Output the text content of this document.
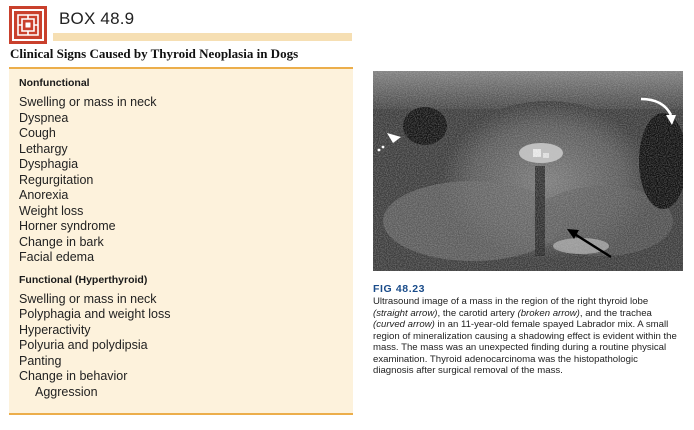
BOX 48.9
Clinical Signs Caused by Thyroid Neoplasia in Dogs
Nonfunctional
Swelling or mass in neck
Dyspnea
Cough
Lethargy
Dysphagia
Regurgitation
Anorexia
Weight loss
Horner syndrome
Change in bark
Facial edema
Functional (Hyperthyroid)
Swelling or mass in neck
Polyphagia and weight loss
Hyperactivity
Polyuria and polydipsia
Panting
Change in behavior
Aggression
FIG 48.23
Ultrasound image of a mass in the region of the right thyroid lobe (straight arrow), the carotid artery (broken arrow), and the trachea (curved arrow) in an 11-year-old female spayed Labrador mix. A small region of mineralization causing a shadowing effect is evident within the mass. The mass was an unexpected finding during a routine physical examination. Thyroid adenocarcinoma was the histopathologic diagnosis after surgical removal of the mass.
